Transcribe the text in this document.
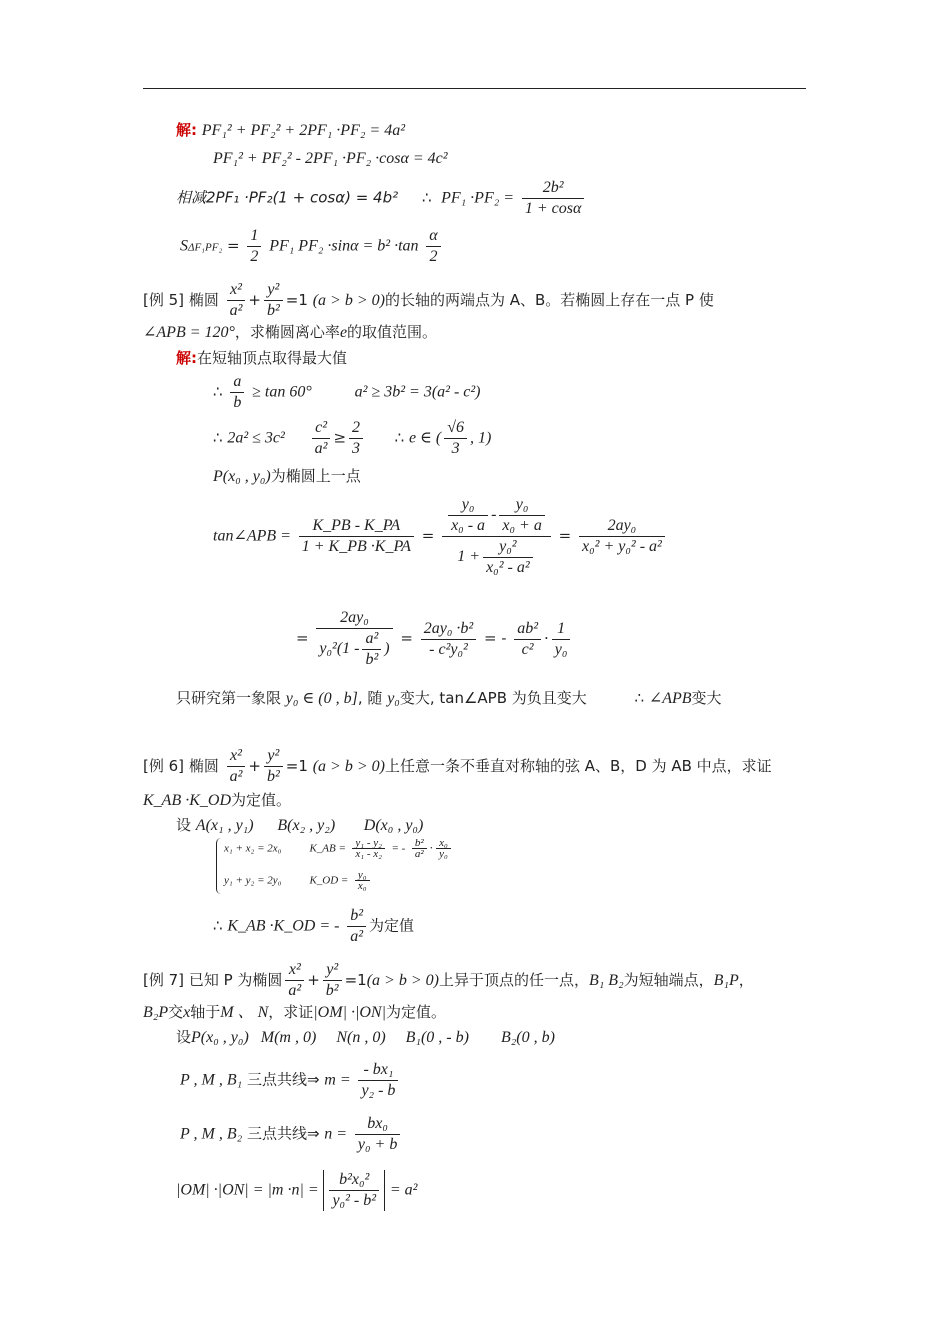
解: PF₁² + PF₂² + 2PF₁ ·PF₂ = 4a²
PF₁² + PF₂² - 2PF₁ ·PF₂ ·cosα = 4c²
相减2PF₁ ·PF₂(1 + cosα) = 4b² ∴ $PF_1 \cdot PF_2 = \frac{\text{2b²}}{1 + \cos\alpha}$
$S\Delta F_1PF_2 = \frac{1}{2} PF_1$ $PF_2 \cdot\sin\alpha = b^2 \cdot\tan \frac{\alpha}{2}$
[例 5] 椭圆 $\frac{\text{x²}}{\text{a²}} + \frac{\text{y²}}{\text{b²}} =1$ (a > b > 0)的长轴的两端点为 A、B。若椭圆上存在一点 P 使
∠APB = 120°，求椭圆离心率e的取值范围。
解:在短轴顶点取得最大值
∴ $\frac{a}{b} \ge \tan 60^\circ$	a² ≥ 3b² = 3(a² - c²)
∴ $2a^2 \le 3c^2 \frac{\text{c²}}{\text{a²}} \ge \frac{2}{3}$ ∴ e ∈ ( $\frac{√6}{3}$ , 1)
P(x₀ , y₀)为椭圆上一点
tan∠APB = $\frac{K\_PB - K\_PA}{1 + K\_PB \cdot K\_PA} = \frac{\frac{\text{y₀}}{\text{x₀ - a}} - \frac{\text{y₀}}{\text{x₀ + a}}}{1 + \frac{\text{y₀²}}{\text{x₀² - a²}}} = \frac{\text{2ay₀}}{\text{x₀² + y₀² - a²}}$
= $\frac{\text{2ay₀}}{y_0^2(1 - \frac{\text{a²}}{\text{b²}} )} = \frac{\text{2ay₀ ·b²}}{\text{- c²y₀²}}$ = - $\frac{\text{ab²}}{\text{c²}} \cdot \frac{1}{\text{y₀}}$
只研究第一象限 y₀ ∈ (0 , b], 随 y₀变大, tan∠APB 为负且变大	∴ ∠APB变大
[例 6] 椭圆 $\frac{\text{x²}}{\text{a²}} + \frac{\text{y²}}{\text{b²}} =1$ (a > b > 0)上任意一条不垂直对称轴的弦 A、B，D 为 AB 中点，求证
K_AB ·K_OD为定值。
设 A(x₁ , y₁) B(x₂ , y₂) D(x₀ , y₀)
x₁ + x₂ = 2x₀	K_AB = $\frac{\text{y₁ - y₂}}{\text{x₁ - x₂}}$ = - $\frac{\text{b²}}{\text{a²}} \cdot \frac{\text{x₀}}{\text{y₀}}$
y₁ + y₂ = 2y₀	K_OD = $\frac{\text{y₀}}{\text{x₀}}$
∴ K_AB ·K_OD = - $\frac{\text{b²}}{\text{a²}}$ 为定值
[例 7] 已知 P 为椭圆 $\frac{\text{x²}}{\text{a²}} + \frac{\text{y²}}{\text{b²}} =1(a > b > 0)$上异于顶点的任一点，B₁ B₂为短轴端点，B₁P，
B₂P交x轴于M 、 N，求证|OM| ·|ON|为定值。
设P(x₀ , y₀)   M(m , 0)     N(n , 0)     B₁(0 , - b)        B₂(0 , b)
P , M , B₁ 三点共线⇒ $m = \frac{\text{- bx₁}}{\text{y₂ - b}}$
P , M , B₂ 三点共线⇒ $n = \frac{\text{bx₀}}{\text{y₀ + b}}$
$|OM| \cdot|ON| = |m \cdot n| = \frac{\text{b²x₀²}}{\text{y₀² - b²}} = a^2$
